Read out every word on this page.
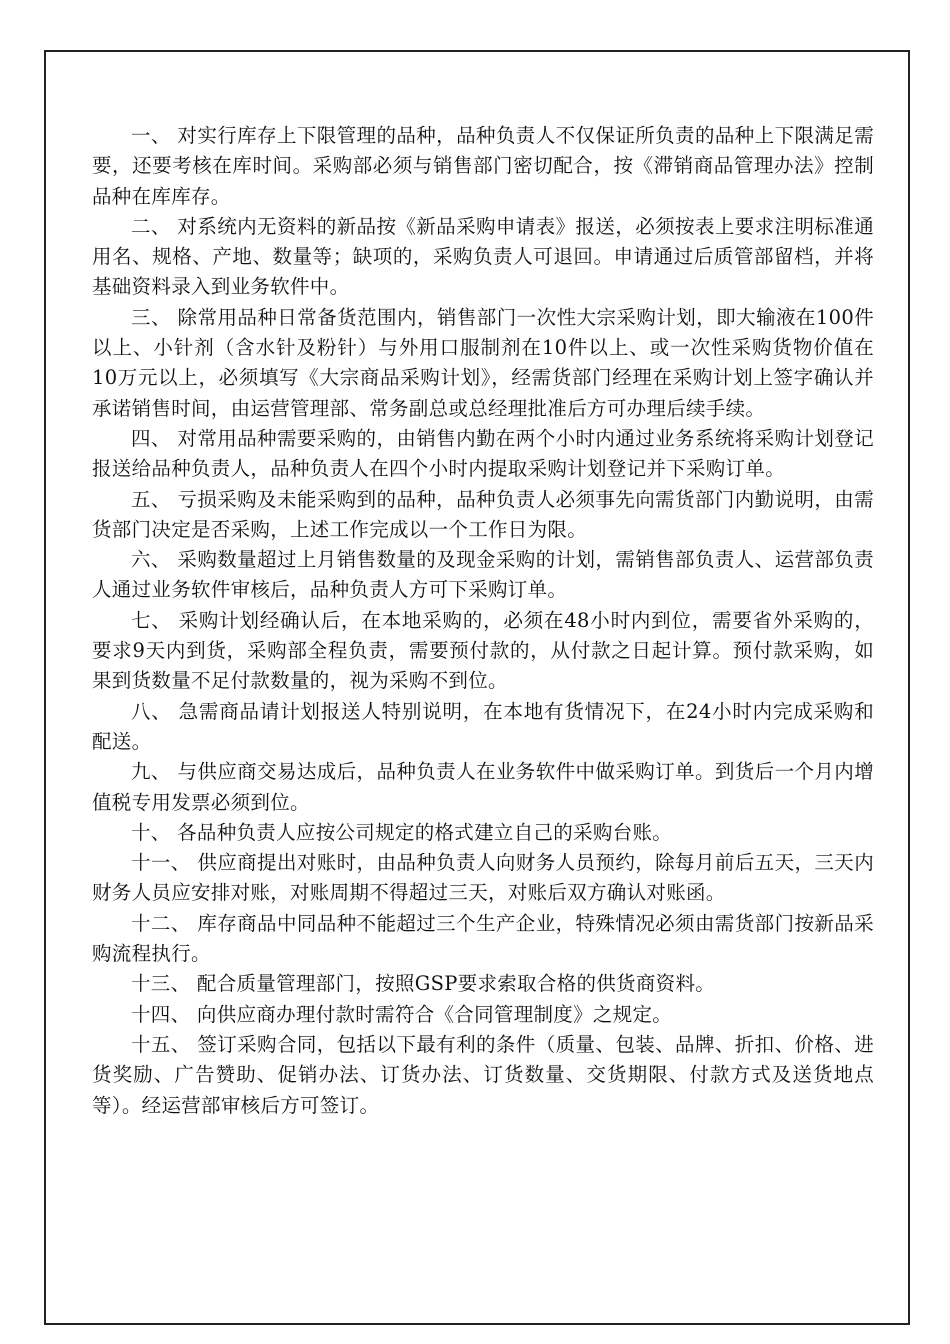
一、 对实行库存上下限管理的品种，品种负责人不仅保证所负责的品种上下限满足需要，还要考核在库时间。采购部必须与销售部门密切配合，按《滞销商品管理办法》控制品种在库库存。

二、 对系统内无资料的新品按《新品采购申请表》报送，必须按表上要求注明标准通用名、规格、产地、数量等；缺项的，采购负责人可退回。申请通过后质管部留档，并将基础资料录入到业务软件中。

三、 除常用品种日常备货范围内，销售部门一次性大宗采购计划，即大输液在100件以上、小针剂（含水针及粉针）与外用口服制剂在10件以上、或一次性采购货物价值在10万元以上，必须填写《大宗商品采购计划》，经需货部门经理在采购计划上签字确认并承诺销售时间，由运营管理部、常务副总或总经理批准后方可办理后续手续。

四、 对常用品种需要采购的，由销售内勤在两个小时内通过业务系统将采购计划登记报送给品种负责人，品种负责人在四个小时内提取采购计划登记并下采购订单。

五、 亏损采购及未能采购到的品种，品种负责人必须事先向需货部门内勤说明，由需货部门决定是否采购，上述工作完成以一个工作日为限。

六、 采购数量超过上月销售数量的及现金采购的计划，需销售部负责人、运营部负责人通过业务软件审核后，品种负责人方可下采购订单。

七、 采购计划经确认后，在本地采购的，必须在48小时内到位，需要省外采购的，要求9天内到货，采购部全程负责，需要预付款的，从付款之日起计算。预付款采购，如果到货数量不足付款数量的，视为采购不到位。

八、 急需商品请计划报送人特别说明，在本地有货情况下，在24小时内完成采购和配送。

九、 与供应商交易达成后，品种负责人在业务软件中做采购订单。到货后一个月内增值税专用发票必须到位。

十、 各品种负责人应按公司规定的格式建立自己的采购台账。

十一、 供应商提出对账时，由品种负责人向财务人员预约，除每月前后五天，三天内财务人员应安排对账，对账周期不得超过三天，对账后双方确认对账函。

十二、 库存商品中同品种不能超过三个生产企业，特殊情况必须由需货部门按新品采购流程执行。

十三、 配合质量管理部门，按照GSP要求索取合格的供货商资料。

十四、 向供应商办理付款时需符合《合同管理制度》之规定。

十五、 签订采购合同，包括以下最有利的条件（质量、包装、品牌、折扣、价格、进货奖励、广告赞助、促销办法、订货办法、订货数量、交货期限、付款方式及送货地点等）。经运营部审核后方可签订。
